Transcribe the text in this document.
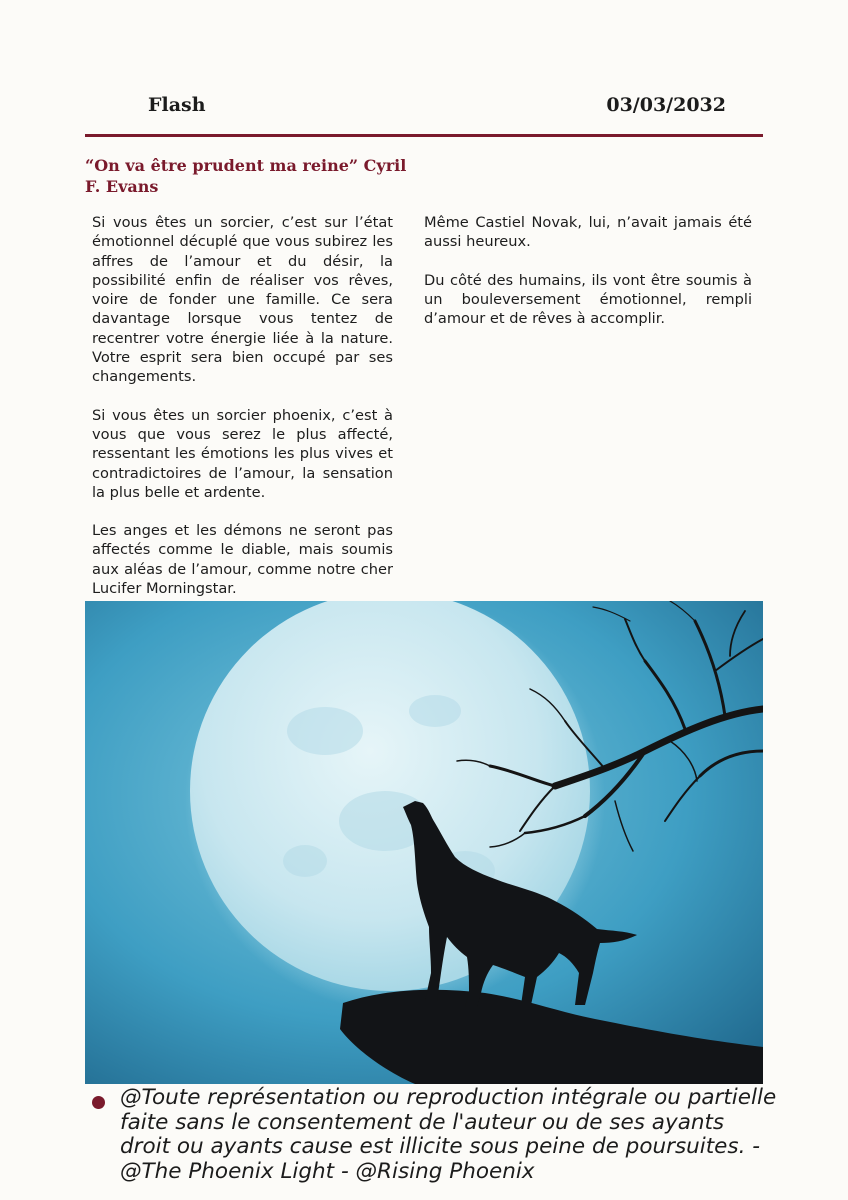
Flash	03/03/2032
“On va être prudent ma reine” Cyril F. Evans

Si vous êtes un sorcier, c’est sur l’état émotionnel décuplé que vous subirez les affres de l’amour et du désir, la possibilité enfin de réaliser vos rêves, voire de fonder une famille. Ce sera davantage lorsque vous tentez de recentrer votre énergie liée à la nature. Votre esprit sera bien occupé par ses changements.

Si vous êtes un sorcier phoenix, c’est à vous que vous serez le plus affecté, ressentant les émotions les plus vives et contradictoires de l’amour, la sensation la plus belle et ardente.

Les anges et les démons ne seront pas affectés comme le diable, mais soumis aux aléas de l’amour, comme notre cher Lucifer Morningstar.

Même Castiel Novak, lui, n’avait jamais été aussi heureux.

Du côté des humains, ils vont être soumis à un bouleversement émotionnel, rempli d’amour et de rêves à accomplir.

@Toute représentation ou reproduction intégrale ou partielle faite sans le consentement de l'auteur ou de ses ayants droit ou ayants cause est illicite sous peine de poursuites. - @The Phoenix Light - @Rising Phoenix
